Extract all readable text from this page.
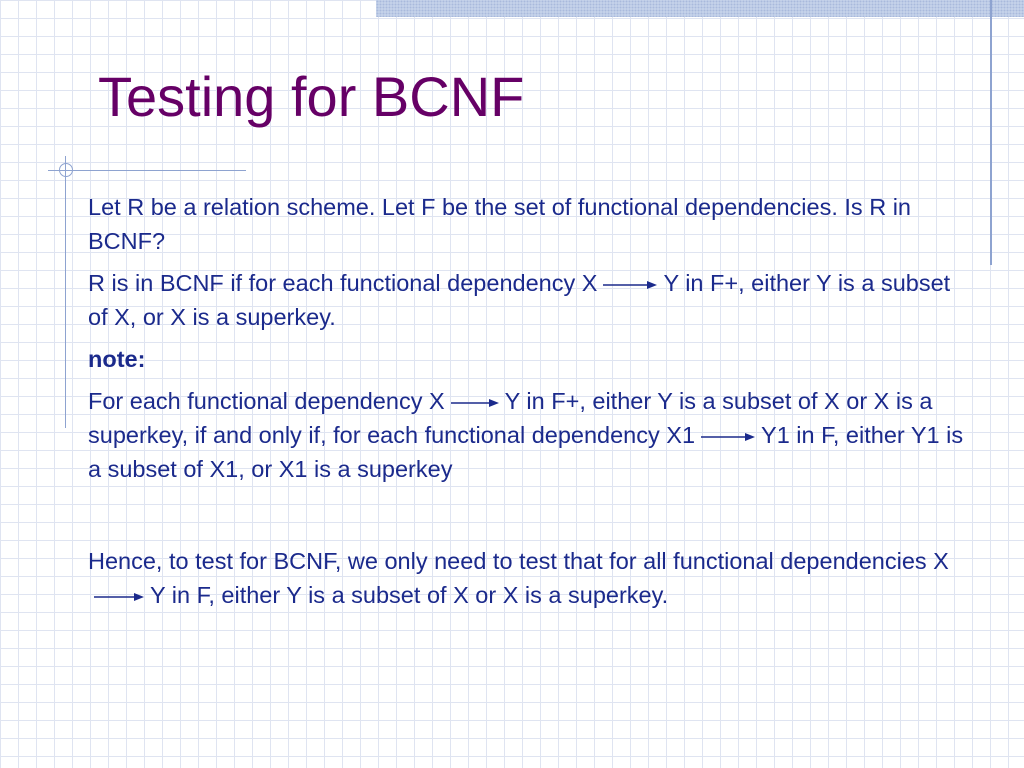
Testing for BCNF

Let R be a relation scheme. Let F be the set of functional dependencies. Is R in BCNF?

R is in BCNF if for each functional dependency X	Y in F+, either Y is a subset of X, or X is a superkey.

note:

For each functional dependency X	Y in F+, either Y is a subset of X or X is a superkey, if and only if, for each functional dependency X1	Y1 in F, either Y1 is a subset of X1, or X1 is a superkey

Hence, to test for BCNF, we only need to test that for all functional dependencies XY in F, either Y is a subset of X or X is a superkey.
